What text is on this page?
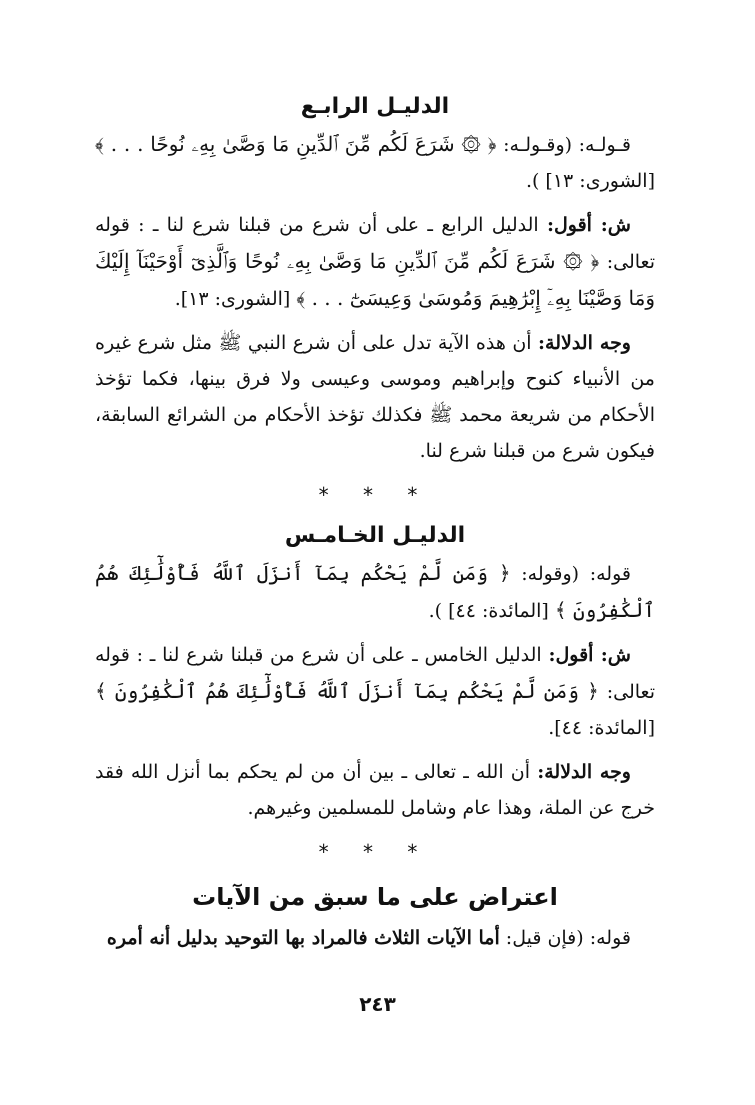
الدليـل الرابـع

قـولـه: (وقـولـه: ﴿ ۞ شَرَعَ لَكُم مِّنَ ٱلدِّينِ مَا وَصَّىٰ بِهِۦ نُوحًا . . . ﴾ [الشورى: ١٣] ).

ش: أقول: الدليل الرابع ـ على أن شرع من قبلنا شرع لنا ـ : قوله تعالى: ﴿ ۞ شَرَعَ لَكُم مِّنَ ٱلدِّينِ مَا وَصَّىٰ بِهِۦ نُوحًا وَٱلَّذِىٓ أَوْحَيْنَآ إِلَيْكَ وَمَا وَصَّيْنَا بِهِۦٓ إِبْرَٰهِيمَ وَمُوسَىٰ وَعِيسَىٰٓ . . . ﴾ [الشورى: ١٣].

وجه الدلالة: أن هذه الآية تدل على أن شرع النبي ﷺ مثل شرع غيره من الأنبياء كنوح وإبراهيم وموسى وعيسى ولا فرق بينها، فكما تؤخذ الأحكام من شريعة محمد ﷺ فكذلك تؤخذ الأحكام من الشرائع السابقة، فيكون شرع من قبلنا شرع لنا.

* * *
الدليـل الخـامـس

قوله: (وقوله: ﴿ وَمَن لَّمْ يَحْكُم بِمَآ أَنزَلَ ٱللَّهُ فَأُوْلَٰٓئِكَ هُمُ ٱلْكَٰفِرُونَ ﴾ [المائدة: ٤٤] ).

ش: أقول: الدليل الخامس ـ على أن شرع من قبلنا شرع لنا ـ : قوله تعالى: ﴿ وَمَن لَّمْ يَحْكُم بِمَآ أَنزَلَ ٱللَّهُ فَأُوْلَٰٓئِكَ هُمُ ٱلْكَٰفِرُونَ ﴾ [المائدة: ٤٤].

وجه الدلالة: أن الله ـ تعالى ـ بين أن من لم يحكم بما أنزل الله فقد خرج عن الملة، وهذا عام وشامل للمسلمين وغيرهم.

* * *
اعتراض على ما سبق من الآيات

قوله: (فإن قيل: أما الآيات الثلاث فالمراد بها التوحيد بدليل أنه أمره

٢٤٣
